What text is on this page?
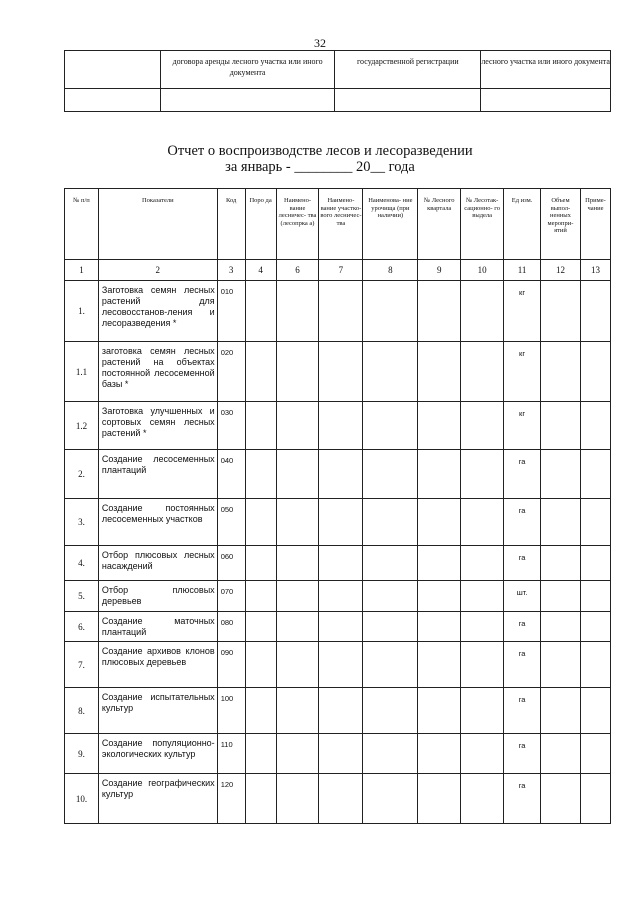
32
	договора аренды лесного участка или иного документа	государственной регистрации	лесного участка или иного документа

Отчет о воспроизводстве лесов и лесоразведении
за январь - ________ 20__ года
№ п/п	Показатели	Код	Поро да	Наимено- вание лесничес- тва (лесопрка а)	Наимено- вание участко- вого лесничес- тва	Наименова- ние урочища (при наличии)	№ Лесного квартала	№ Лесотак- сационно- го выдела	Ед изм.	Объем выпол- ненных меропри- ятий	Приме- чание
1	2	3	4	6	7	8	9	10	11	12	13
1.	Заготовка семян лесных растений для лесовосстанов-ления и лесоразведения *	010							кг		
1.1	заготовка семян лесных растений на объектах постоянной лесосеменной базы *	020							кг		
1.2	Заготовка улучшенных и сортовых семян лесных растений *	030							кг		
2.	Создание лесосеменных плантаций	040							га		
3.	Создание постоянных лесосеменных участков	050							га		
4.	Отбор плюсовых лесных насаждений	060							га		
5.	Отбор плюсовых деревьев	070							шт.		
6.	Создание маточных плантаций	080							га		
7.	Создание архивов клонов плюсовых деревьев	090							га		
8.	Создание испытательных культур	100							га		
9.	Создание популяционно-экологических культур	110							га		
10.	Создание географических культур	120							га		
